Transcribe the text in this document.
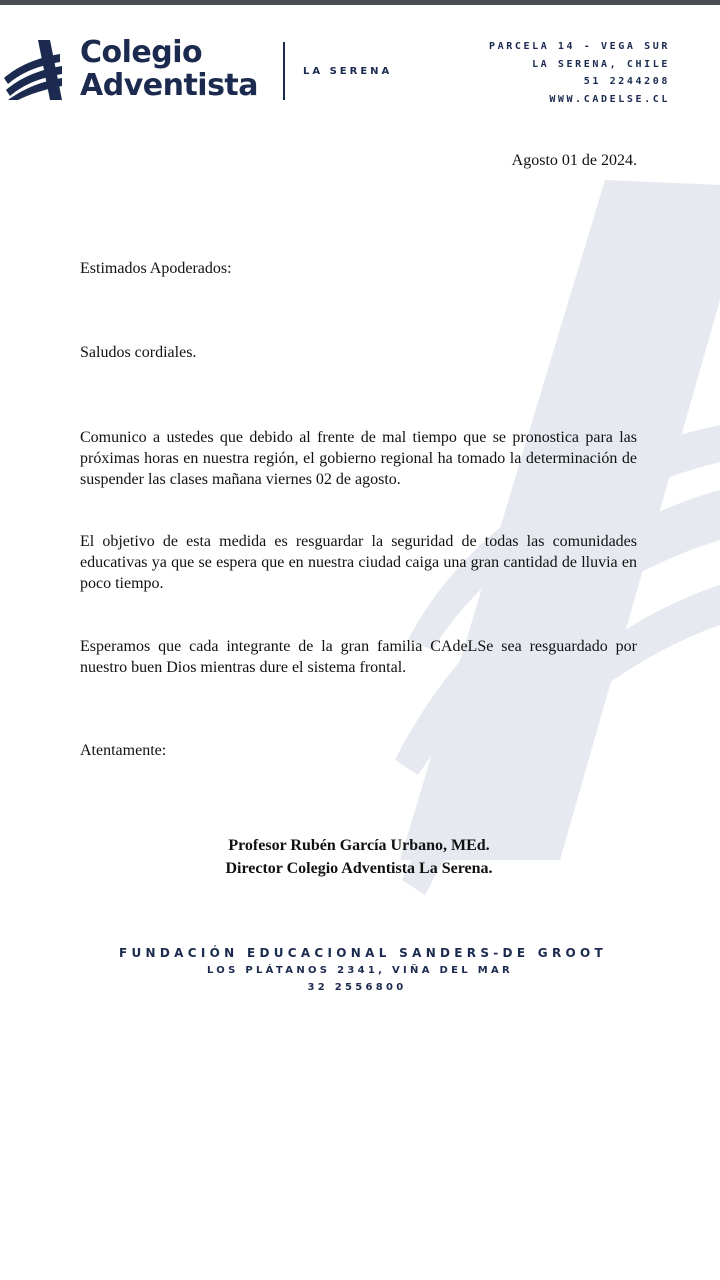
Colegio
Adventista	LA SERENA
PARCELA 14 - VEGA SUR
LA SERENA, CHILE
51 2244208
WWW.CADELSE.CL
Agosto 01 de 2024.

Estimados Apoderados:

Saludos cordiales.

Comunico a ustedes que debido al frente de mal tiempo que se pronostica para las próximas horas en nuestra región, el gobierno regional ha tomado la determinación de suspender las clases mañana viernes 02 de agosto.

El objetivo de esta medida es resguardar la seguridad de todas las comunidades educativas ya que se espera que en nuestra ciudad caiga una gran cantidad de lluvia en poco tiempo.

Esperamos que cada integrante de la gran familia CAdeLSe sea resguardado por nuestro buen Dios mientras dure el sistema frontal.

Atentamente:

Profesor Rubén García Urbano, MEd.
Director Colegio Adventista La Serena.
FUNDACIÓN EDUCACIONAL SANDERS-DE GROOT
LOS PLÁTANOS 2341, VIÑA DEL MAR
32 2556800
